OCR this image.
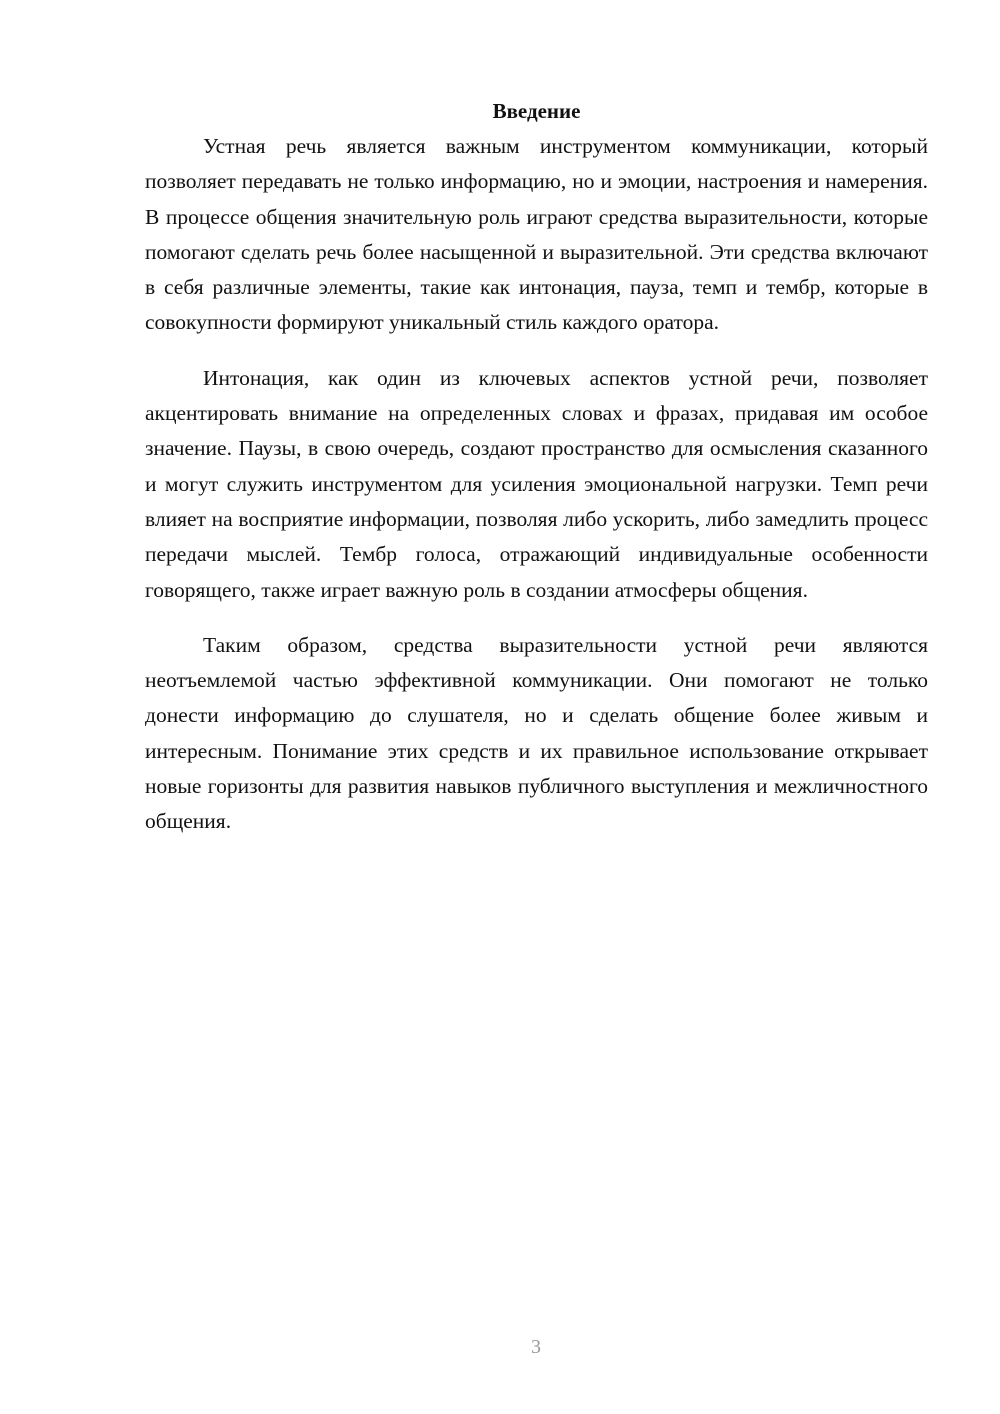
Введение

Устная речь является важным инструментом коммуникации, который позволяет передавать не только информацию, но и эмоции, настроения и намерения. В процессе общения значительную роль играют средства выразительности, которые помогают сделать речь более насыщенной и выразительной. Эти средства включают в себя различные элементы, такие как интонация, пауза, темп и тембр, которые в совокупности формируют уникальный стиль каждого оратора.

Интонация, как один из ключевых аспектов устной речи, позволяет акцентировать внимание на определенных словах и фразах, придавая им особое значение. Паузы, в свою очередь, создают пространство для осмысления сказанного и могут служить инструментом для усиления эмоциональной нагрузки. Темп речи влияет на восприятие информации, позволяя либо ускорить, либо замедлить процесс передачи мыслей. Тембр голоса, отражающий индивидуальные особенности говорящего, также играет важную роль в создании атмосферы общения.

Таким образом, средства выразительности устной речи являются неотъемлемой частью эффективной коммуникации. Они помогают не только донести информацию до слушателя, но и сделать общение более живым и интересным. Понимание этих средств и их правильное использование открывает новые горизонты для развития навыков публичного выступления и межличностного общения.

3
